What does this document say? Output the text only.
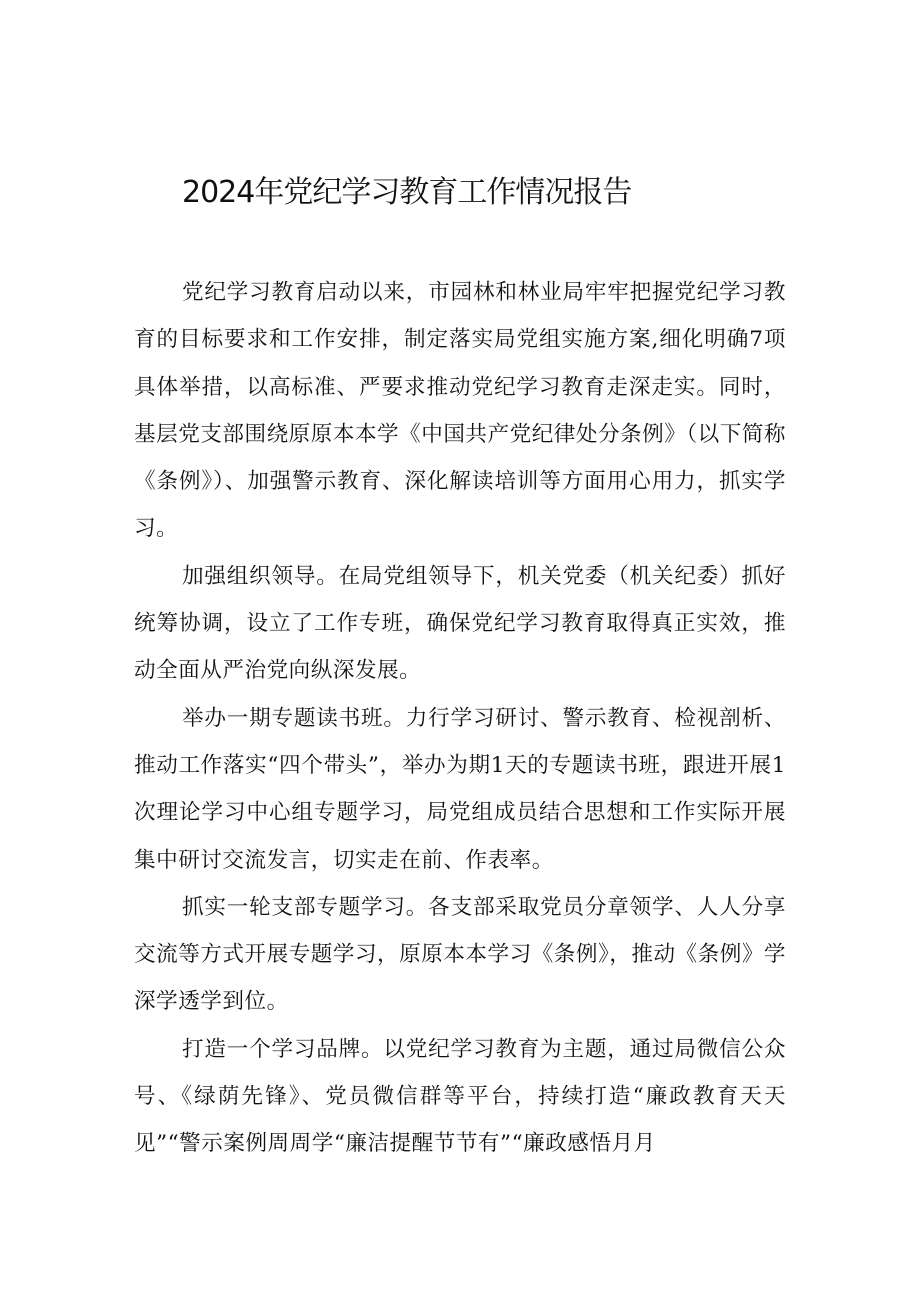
2024年党纪学习教育工作情况报告

党纪学习教育启动以来，市园林和林业局牢牢把握党纪学习教育的目标要求和工作安排，制定落实局党组实施方案,细化明确7项具体举措，以高标准、严要求推动党纪学习教育走深走实。同时，基层党支部围绕原原本本学《中国共产党纪律处分条例》（以下简称《条例》）、加强警示教育、深化解读培训等方面用心用力，抓实学习。

加强组织领导。在局党组领导下，机关党委（机关纪委）抓好统筹协调，设立了工作专班，确保党纪学习教育取得真正实效，推动全面从严治党向纵深发展。

举办一期专题读书班。力行学习研讨、警示教育、检视剖析、推动工作落实“四个带头”，举办为期1天的专题读书班，跟进开展1次理论学习中心组专题学习，局党组成员结合思想和工作实际开展集中研讨交流发言，切实走在前、作表率。

抓实一轮支部专题学习。各支部采取党员分章领学、人人分享交流等方式开展专题学习，原原本本学习《条例》，推动《条例》学深学透学到位。

打造一个学习品牌。以党纪学习教育为主题，通过局微信公众号、《绿荫先锋》、党员微信群等平台，持续打造“廉政教育天天见”“警示案例周周学“廉洁提醒节节有”“廉政感悟月月
